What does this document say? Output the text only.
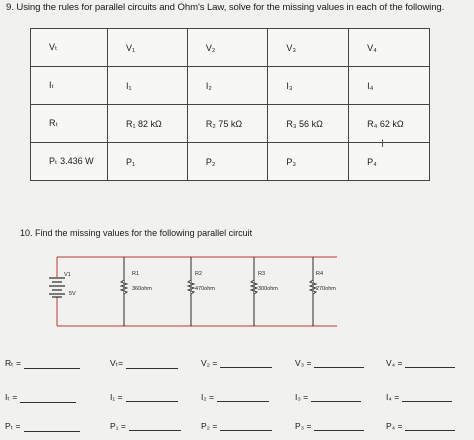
9. Using the rules for parallel circuits and Ohm's Law, solve for the missing values in each of the following.
Vₜ	V₁	V₂	V₃	V₄
Iₜ	I₁	I₂	I₃	I₄
Rₜ	R₁ 82 kΩ	R₂ 75 kΩ	R₃ 56 kΩ	R₄ 62 kΩ
Pₜ 3.436 W	P₁	P₂	P₃	P₄
I
10. Find the missing values for the following parallel circuit
V1
5V
R1
360ohm
R2
470ohm
R3
300ohm
R4
270ohm
Rₜ =	Vₜ=	V₂ =	V₃ =	V₄ =
Iₜ =	I₁ =	I₂ =	I₃ =	I₄ =
Pₜ =	P₁ =	P₂ =	P₃ =	P₄ =
